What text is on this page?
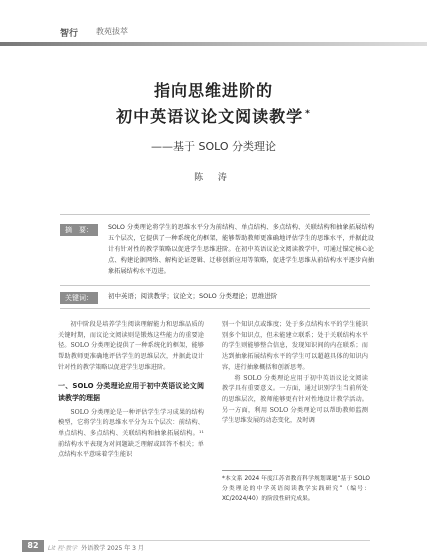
智行 教苑拔萃
指向思维进阶的
初中英语议论文阅读教学 *
——基于 SOLO 分类理论
陈 涛
摘　要：	SOLO 分类理论将学生的思维水平分为前结构、单点结构、多点结构、关联结构和抽象拓展结构五个层次，它提供了一种系统化的框架，能够帮助教师更准确地评估学生的思维水平，并据此设计有针对性的教学策略以促进学生思维进阶。在初中英语议论文阅读教学中，可通过锚定核心论点、构建论据网络、解构论证逻辑、迁移创新应用等策略，促进学生思维从前结构水平逐步向抽象拓展结构水平迈进。
关键词：	初中英语；阅读教学；议论文；SOLO 分类理论；思维进阶

初中阶段是培养学生阅读理解能力和思维品质的关键时期，而议论文阅读则是锻炼这些能力的重要途径。SOLO 分类理论提供了一种系统化的框架，能够帮助教师更准确地评估学生的思维层次，并据此设计针对性的教学策略以促进学生思维进阶。

一、SOLO 分类理论应用于初中英语议论文阅读教学的理据

SOLO 分类理论是一种评估学生学习成果的结构模型，它将学生的思维水平分为五个层次：前结构、单点结构、多点结构、关联结构和抽象拓展结构。¹¹前结构水平表现为对问题缺乏理解或回答不相关；单点结构水平意味着学生能识

别一个知识点或维度；处于多点结构水平的学生能识别多个知识点，但未能建立联系；处于关联结构水平的学生则能够整合信息，发现知识间的内在联系；而达到抽象拓展结构水平的学生可以超越具体的知识内容，进行抽象概括和创新思考。

将 SOLO 分类理论应用于初中英语议论文阅读教学具有重要意义。一方面，通过识别学生当前所处的思维层次，教师能够更有针对性地设计教学活动。另一方面，利用 SOLO 分类理论可以帮助教师监测学生思维发展的动态变化，及时调

*本文系 2024 年度江苏省教育科学规划课题“基于 SOLO 分类理论的中学英语阅读教学实践研究”（编号：XC/2024/40）的阶段性研究成果。
82	Lit 程·教学 外语教学 2025 年 3 月
